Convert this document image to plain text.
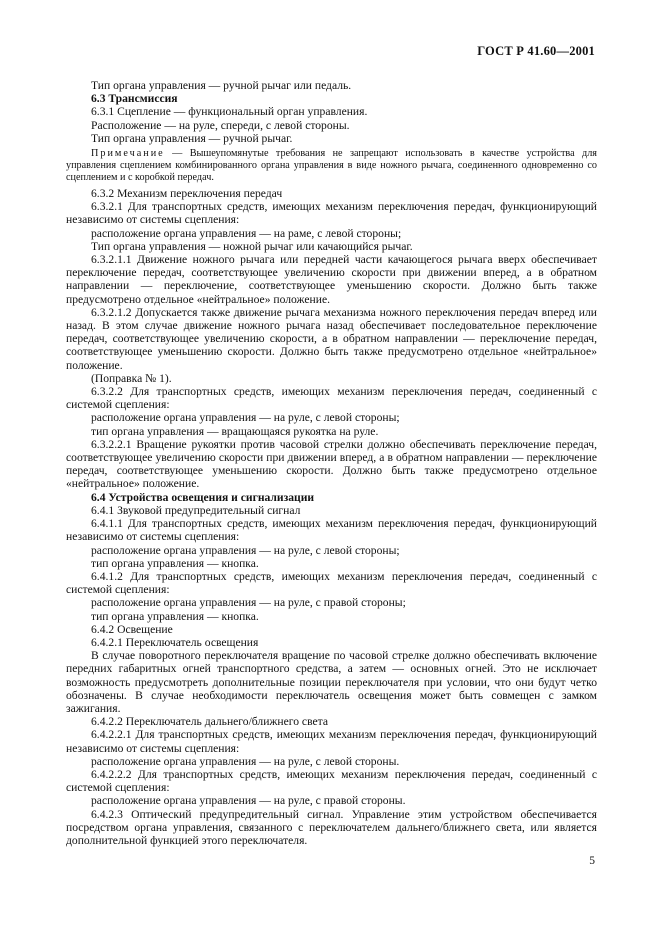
ГОСТ Р 41.60—2001

Тип органа управления — ручной рычаг или педаль.

6.3 Трансмиссия

6.3.1 Сцепление — функциональный орган управления.

Расположение — на руле, спереди, с левой стороны.

Тип органа управления — ручной рычаг.

Примечание — Вышеупомянутые требования не запрещают использовать в качестве устройства для управления сцеплением комбинированного органа управления в виде ножного рычага, соединенного одновременно со сцеплением и с коробкой передач.

6.3.2 Механизм переключения передач

6.3.2.1 Для транспортных средств, имеющих механизм переключения передач, функционирующий независимо от системы сцепления:

расположение органа управления — на раме, с левой стороны;

Тип органа управления — ножной рычаг или качающийся рычаг.

6.3.2.1.1 Движение ножного рычага или передней части качающегося рычага вверх обеспечивает переключение передач, соответствующее увеличению скорости при движении вперед, а в обратном направлении — переключение, соответствующее уменьшению скорости. Должно быть также предусмотрено отдельное «нейтральное» положение.

6.3.2.1.2 Допускается также движение рычага механизма ножного переключения передач вперед или назад. В этом случае движение ножного рычага назад обеспечивает последовательное переключение передач, соответствующее увеличению скорости, а в обратном направлении — переключение передач, соответствующее уменьшению скорости. Должно быть также предусмотрено отдельное «нейтральное» положение.

(Поправка № 1).

6.3.2.2 Для транспортных средств, имеющих механизм переключения передач, соединенный с системой сцепления:

расположение органа управления — на руле, с левой стороны;

тип органа управления — вращающаяся рукоятка на руле.

6.3.2.2.1 Вращение рукоятки против часовой стрелки должно обеспечивать переключение передач, соответствующее увеличению скорости при движении вперед, а в обратном направлении — переключение передач, соответствующее уменьшению скорости. Должно быть также предусмотрено отдельное «нейтральное» положение.

6.4 Устройства освещения и сигнализации

6.4.1 Звуковой предупредительный сигнал

6.4.1.1 Для транспортных средств, имеющих механизм переключения передач, функционирующий независимо от системы сцепления:

расположение органа управления — на руле, с левой стороны;

тип органа управления — кнопка.

6.4.1.2 Для транспортных средств, имеющих механизм переключения передач, соединенный с системой сцепления:

расположение органа управления — на руле, с правой стороны;

тип органа управления — кнопка.

6.4.2 Освещение

6.4.2.1 Переключатель освещения

В случае поворотного переключателя вращение по часовой стрелке должно обеспечивать включение передних габаритных огней транспортного средства, а затем — основных огней. Это не исключает возможность предусмотреть дополнительные позиции переключателя при условии, что они будут четко обозначены. В случае необходимости переключатель освещения может быть совмещен с замком зажигания.

6.4.2.2 Переключатель дальнего/ближнего света

6.4.2.2.1 Для транспортных средств, имеющих механизм переключения передач, функционирующий независимо от системы сцепления:

расположение органа управления — на руле, с левой стороны.

6.4.2.2.2 Для транспортных средств, имеющих механизм переключения передач, соединенный с системой сцепления:

расположение органа управления — на руле, с правой стороны.

6.4.2.3 Оптический предупредительный сигнал. Управление этим устройством обеспечивается посредством органа управления, связанного с переключателем дальнего/ближнего света, или является дополнительной функцией этого переключателя.

5
